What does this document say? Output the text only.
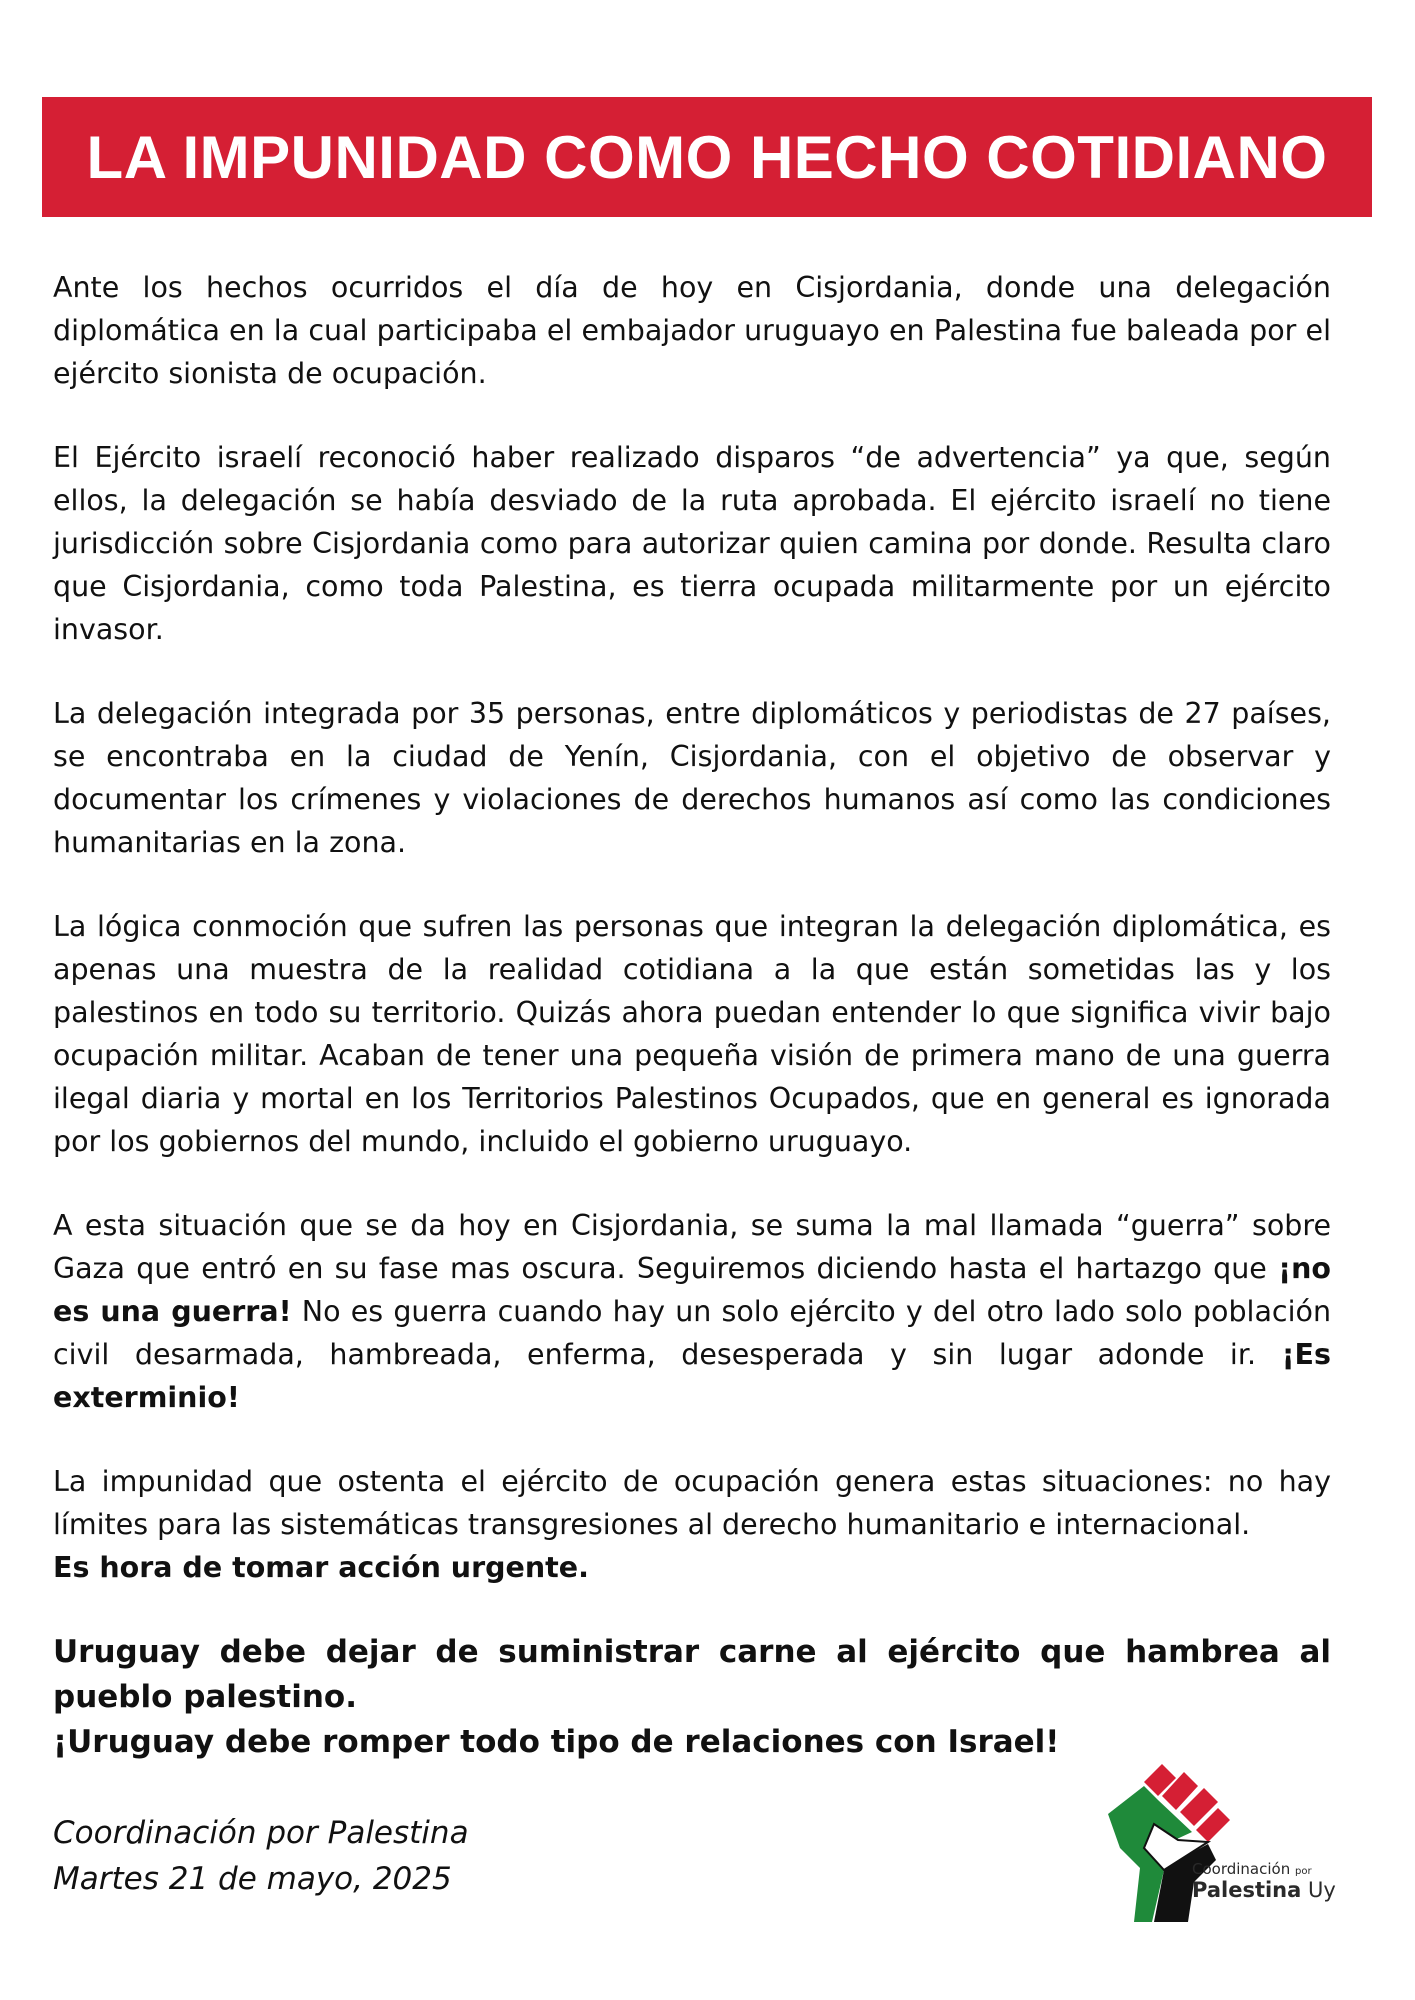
LA IMPUNIDAD COMO HECHO COTIDIANO

Ante los hechos ocurridos el día de hoy en Cisjordania, donde una delegación diplomática en la cual participaba el embajador uruguayo en Palestina fue baleada por el ejército sionista de ocupación.

El Ejército israelí reconoció haber realizado disparos “de advertencia” ya que, según ellos, la delegación se había desviado de la ruta aprobada. El ejército israelí no tiene jurisdicción sobre Cisjordania como para autorizar quien camina por donde. Resulta claro que Cisjordania, como toda Palestina, es tierra ocupada militarmente por un ejército invasor.

La delegación integrada por 35 personas, entre diplomáticos y periodistas de 27 países, se encontraba en la ciudad de Yenín, Cisjordania, con el objetivo de observar y documentar los crímenes y violaciones de derechos humanos así como las condiciones humanitarias en la zona.

La lógica conmoción que sufren las personas que integran la delegación diplomática, es apenas una muestra de la realidad cotidiana a la que están sometidas las y los palestinos en todo su territorio. Quizás ahora puedan entender lo que significa vivir bajo ocupación militar. Acaban de tener una pequeña visión de primera mano de una guerra ilegal diaria y mortal en los Territorios Palestinos Ocupados, que en general es ignorada por los gobiernos del mundo, incluido el gobierno uruguayo.

A esta situación que se da hoy en Cisjordania, se suma la mal llamada “guerra” sobre Gaza que entró en su fase mas oscura. Seguiremos diciendo hasta el hartazgo que ¡no es una guerra! No es guerra cuando hay un solo ejército y del otro lado solo población civil desarmada, hambreada, enferma, desesperada y sin lugar adonde ir. ¡Es exterminio!

La impunidad que ostenta el ejército de ocupación genera estas situaciones: no hay límites para las sistemáticas transgresiones al derecho humanitario e internacional.

Es hora de tomar acción urgente.

Uruguay debe dejar de suministrar carne al ejército que hambrea al pueblo palestino.

¡Uruguay debe romper todo tipo de relaciones con Israel!

Coordinación por Palestina
Martes 21 de mayo, 2025	Coordinación por
Palestina Uy
